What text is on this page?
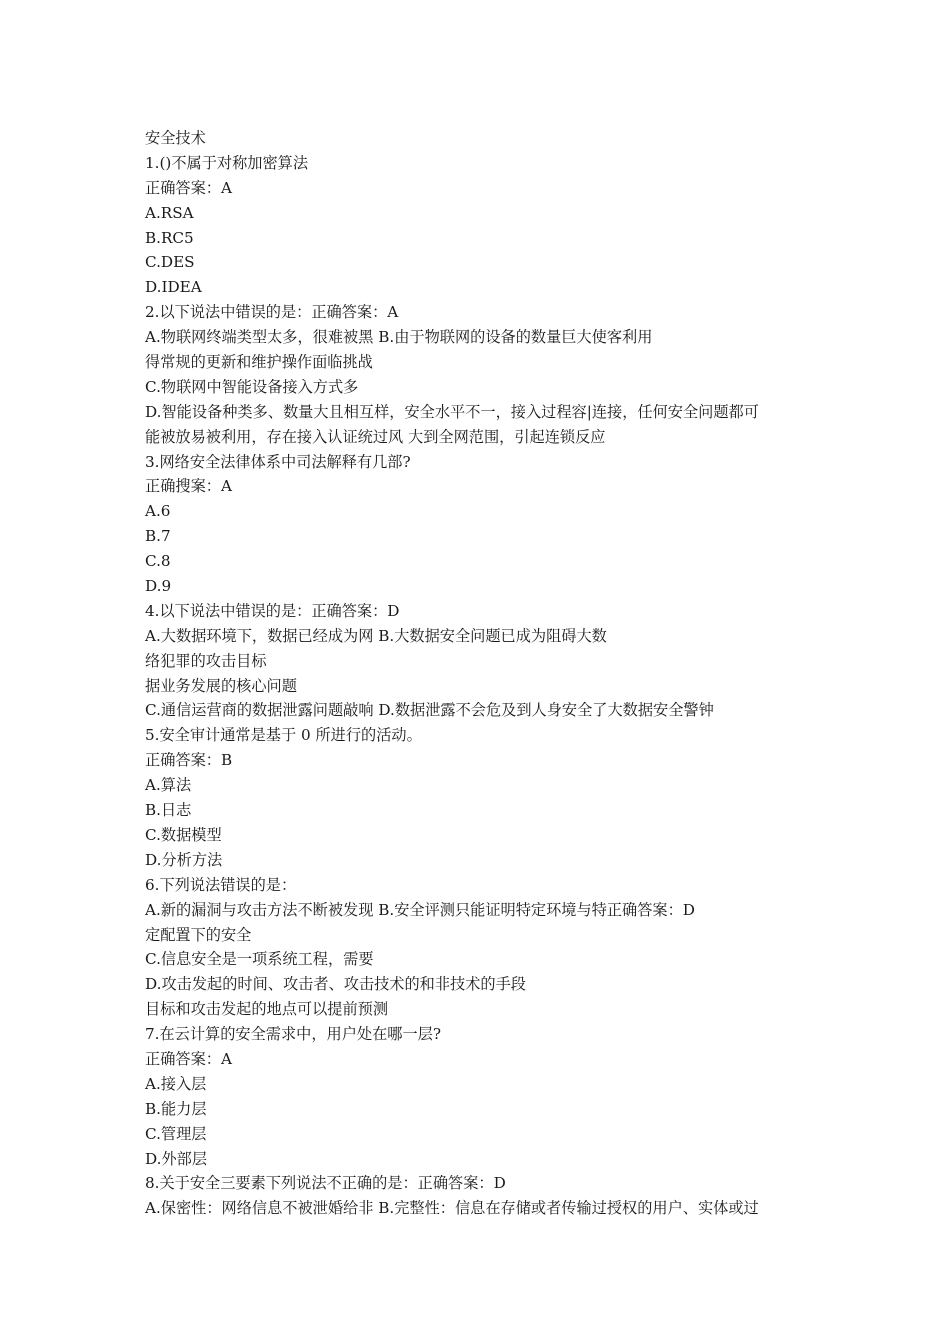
安全技术
1.()不属于对称加密算法
正确答案：A
A.RSA
B.RC5
C.DES
D.IDEA
2.以下说法中错误的是：正确答案：A
A.物联网终端类型太多，很难被黑 B.由于物联网的设备的数量巨大使客利用
得常规的更新和维护操作面临挑战
C.物联网中智能设备接入方式多
D.智能设备种类多、数量大且相互样，安全水平不一，接入过程容|连接，任何安全问题都可
能被放易被利用，存在接入认证统过风 大到全网范围，引起连锁反应
3.网络安全法律体系中司法解释有几部?
正确搜案：A
A.6
B.7
C.8
D.9
4.以下说法中错误的是：正确答案：D
A.大数据环境下，数据已经成为网 B.大数据安全问题已成为阻碍大数
络犯罪的攻击目标
据业务发展的核心问题
C.通信运营商的数据泄露问题敲响 D.数据泄露不会危及到人身安全了大数据安全警钟
5.安全审计通常是基于 0 所进行的活动。
正确答案：B
A.算法
B.日志
C.数据模型
D.分析方法
6.下列说法错误的是：
A.新的漏洞与攻击方法不断被发现 B.安全评测只能证明特定环境与特正确答案：D
定配置下的安全
C.信息安全是一项系统工程，需要
D.攻击发起的时间、攻击者、攻击技术的和非技术的手段
目标和攻击发起的地点可以提前预测
7.在云计算的安全需求中，用户处在哪一层?
正确答案：A
A.接入层
B.能力层
C.管理层
D.外部层
8.关于安全三要素下列说法不正确的是：正确答案：D
A.保密性：网络信息不被泄婚给非 B.完整性：信息在存储或者传输过授权的用户、实体或过
